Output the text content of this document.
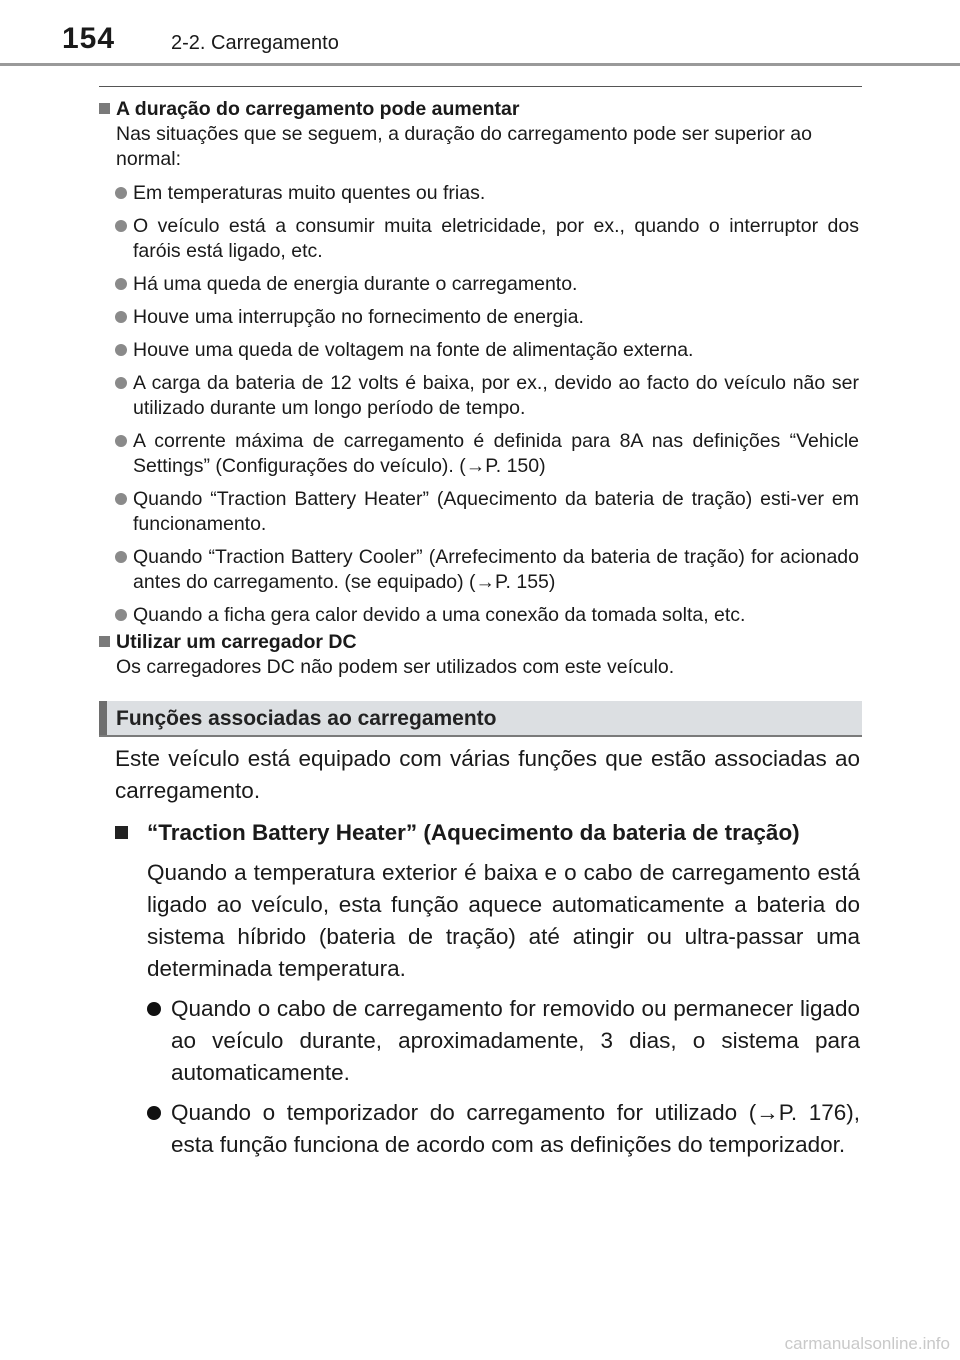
154	2-2. Carregamento
A duração do carregamento pode aumentar
Nas situações que se seguem, a duração do carregamento pode ser superior ao normal:
Em temperaturas muito quentes ou frias.
O veículo está a consumir muita eletricidade, por ex., quando o interruptor dos faróis está ligado, etc.
Há uma queda de energia durante o carregamento.
Houve uma interrupção no fornecimento de energia.
Houve uma queda de voltagem na fonte de alimentação externa.
A carga da bateria de 12 volts é baixa, por ex., devido ao facto do veículo não ser utilizado durante um longo período de tempo.
A corrente máxima de carregamento é definida para 8A nas definições “Vehicle Settings” (Configurações do veículo). (→P. 150)
Quando “Traction Battery Heater” (Aquecimento da bateria de tração) esti-ver em funcionamento.
Quando “Traction Battery Cooler” (Arrefecimento da bateria de tração) for acionado antes do carregamento. (se equipado) (→P. 155)
Quando a ficha gera calor devido a uma conexão da tomada solta, etc.
Utilizar um carregador DC
Os carregadores DC não podem ser utilizados com este veículo.
Funções associadas ao carregamento
Este veículo está equipado com várias funções que estão associadas ao carregamento.
“Traction Battery Heater” (Aquecimento da bateria de tração)
Quando a temperatura exterior é baixa e o cabo de carregamento está ligado ao veículo, esta função aquece automaticamente a bateria do sistema híbrido (bateria de tração) até atingir ou ultra-passar uma determinada temperatura.
Quando o cabo de carregamento for removido ou permanecer ligado ao veículo durante, aproximadamente, 3 dias, o sistema para automaticamente.
Quando o temporizador do carregamento for utilizado (→P. 176), esta função funciona de acordo com as definições do temporizador.
carmanualsonline.info
